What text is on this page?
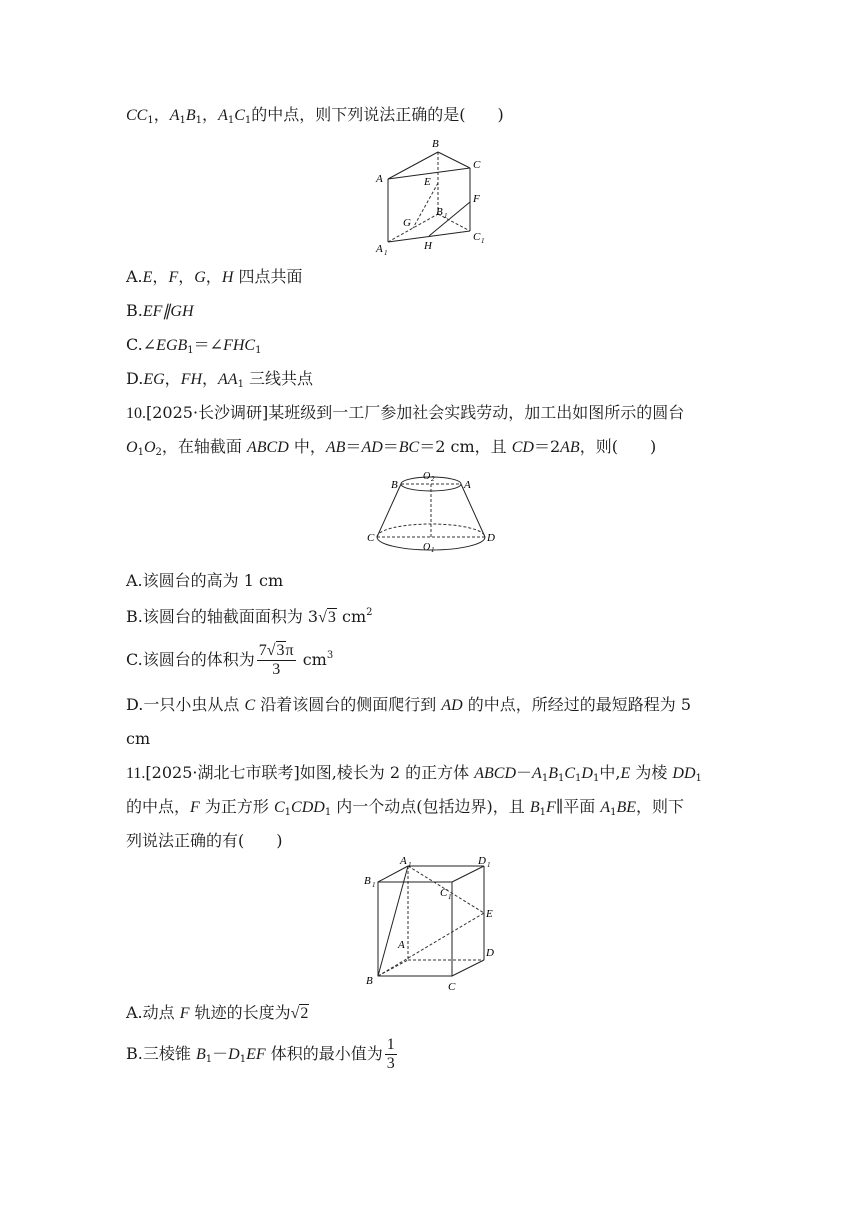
$CC_1$，$A_1B_1$，$A_1C_1$的中点，则下列说法正确的是(　　)
A
B
C
E
F
G
B 1
A 1
H
C 1
A.E，F，G，H 四点共面
B.EF∥GH
$C.\angle EGB_1=\angle FHC_1$
D.EG，FH，$AA_1$ 三线共点
10.[2025·长沙调研]某班级到一工厂参加社会实践劳动，加工出如图所示的圆台
$O_1O_2$，在轴截面 ABCD 中，AB＝AD＝BC＝2 cm，且 CD＝2AB，则(　　)
B
O 2	A
C
O 1
D
A.该圆台的高为 1 cm
B.该圆台的轴截面面积为 3√3 $cm^2$
C.该圆台的体积为 $\frac{7√3\pi}{3} cm^3$
D.一只小虫从点 C 沿着该圆台的侧面爬行到 AD 的中点，所经过的最短路程为 5
cm
11.[2025·湖北七市联考]如图,棱长为 2 的正方体 $ABCD-A_1B_1C_1D_1$中,E 为棱 $DD_1$
的中点，F 为正方形 $C_1CDD_1$ 内一个动点(包括边界)，且 $B_1F\parallel$平面 $A_1BE$，则下
列说法正确的有(　　)
A 1	D 1
B 1
C 1
E
A
D
B	C
A.动点 F 轨迹的长度为√2
B.三棱锥 $B_1-D_1EF$ 体积的最小值为 $\frac{1}{3}$
